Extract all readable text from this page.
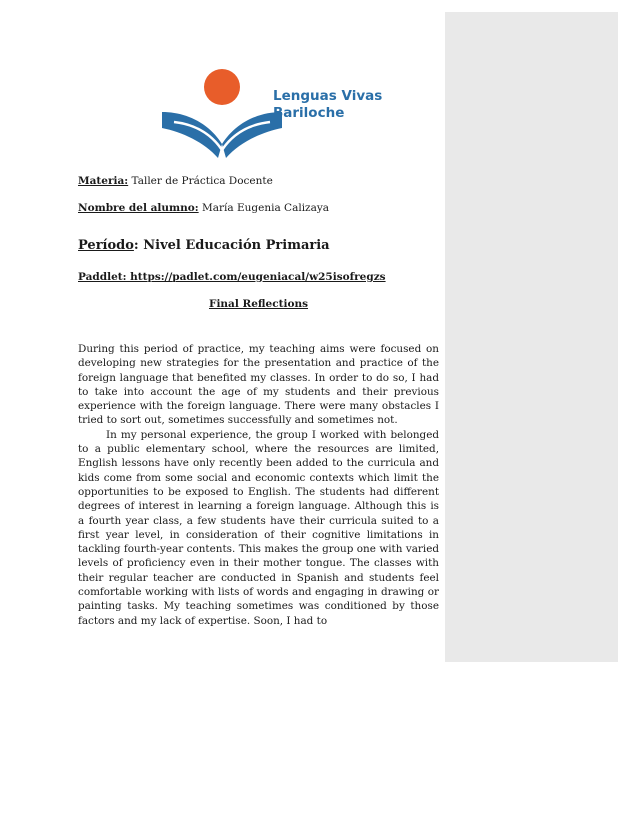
Lenguas Vivas
Bariloche
Materia: Taller de Práctica Docente
Nombre del alumno: María Eugenia Calizaya
Período: Nivel Educación Primaria
Paddlet: https://padlet.com/eugeniacal/w25isofregzs
Final Reflections

During this period of practice, my teaching aims were focused on developing new strategies for the presentation and practice of the foreign language that benefited my classes. In order to do so, I had to take into account the age of my students and their previous experience with the foreign language. There were many obstacles I tried to sort out, sometimes successfully and sometimes not.

In my personal experience, the group I worked with belonged to a public elementary school, where the resources are limited, English lessons have only recently been added to the curricula and kids come from some social and economic contexts which limit the opportunities to be exposed to English. The students had different degrees of interest in learning a foreign language. Although this is a fourth year class, a few students have their curricula suited to a first year level, in consideration of their cognitive limitations in tackling fourth-year contents. This makes the group one with varied levels of proficiency even in their mother tongue. The classes with their regular teacher are conducted in Spanish and students feel comfortable working with lists of words and engaging in drawing or painting tasks. My teaching sometimes was conditioned by those factors and my lack of expertise. Soon, I had to
